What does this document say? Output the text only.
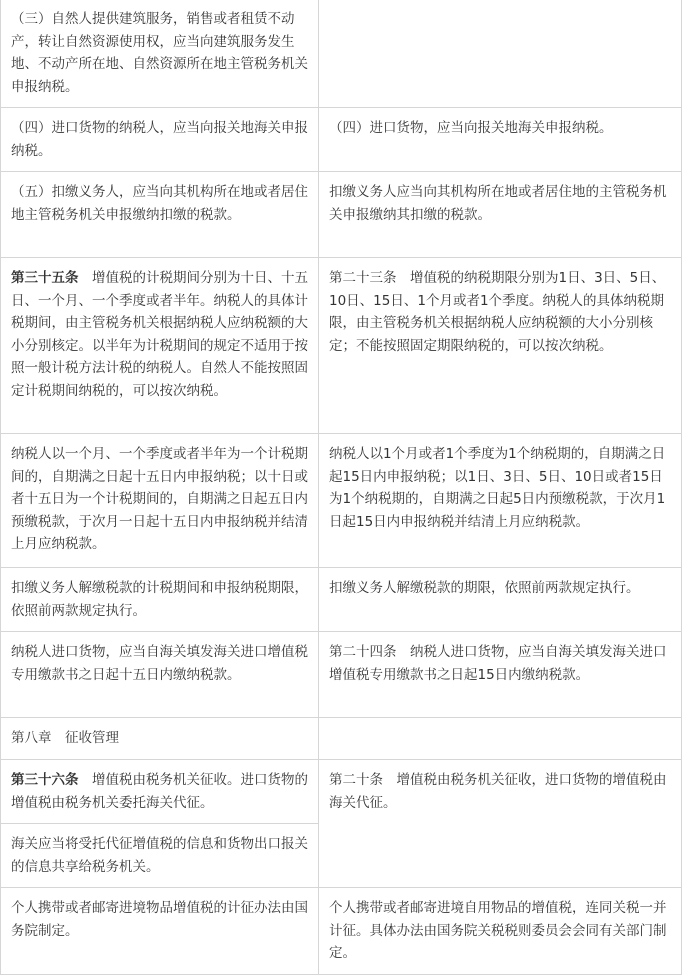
（三）自然人提供建筑服务，销售或者租赁不动产，转让自然资源使用权，应当向建筑服务发生地、不动产所在地、自然资源所在地主管税务机关申报纳税。	
（四）进口货物的纳税人，应当向报关地海关申报纳税。	（四）进口货物，应当向报关地海关申报纳税。
（五）扣缴义务人，应当向其机构所在地或者居住地主管税务机关申报缴纳扣缴的税款。	扣缴义务人应当向其机构所在地或者居住地的主管税务机关申报缴纳其扣缴的税款。
第三十五条　增值税的计税期间分别为十日、十五日、一个月、一个季度或者半年。纳税人的具体计税期间，由主管税务机关根据纳税人应纳税额的大小分别核定。以半年为计税期间的规定不适用于按照一般计税方法计税的纳税人。自然人不能按照固定计税期间纳税的，可以按次纳税。	第二十三条　增值税的纳税期限分别为1日、3日、5日、10日、15日、1个月或者1个季度。纳税人的具体纳税期限，由主管税务机关根据纳税人应纳税额的大小分别核定；不能按照固定期限纳税的，可以按次纳税。
纳税人以一个月、一个季度或者半年为一个计税期间的，自期满之日起十五日内申报纳税；以十日或者十五日为一个计税期间的，自期满之日起五日内预缴税款，于次月一日起十五日内申报纳税并结清上月应纳税款。	纳税人以1个月或者1个季度为1个纳税期的，自期满之日起15日内申报纳税；以1日、3日、5日、10日或者15日为1个纳税期的，自期满之日起5日内预缴税款，于次月1日起15日内申报纳税并结清上月应纳税款。
扣缴义务人解缴税款的计税期间和申报纳税期限，依照前两款规定执行。	扣缴义务人解缴税款的期限，依照前两款规定执行。
纳税人进口货物，应当自海关填发海关进口增值税专用缴款书之日起十五日内缴纳税款。	第二十四条　纳税人进口货物，应当自海关填发海关进口增值税专用缴款书之日起15日内缴纳税款。
第八章　征收管理	
第三十六条　增值税由税务机关征收。进口货物的增值税由税务机关委托海关代征。	第二十条　增值税由税务机关征收，进口货物的增值税由海关代征。
海关应当将受托代征增值税的信息和货物出口报关的信息共享给税务机关。	
个人携带或者邮寄进境物品增值税的计征办法由国务院制定。	个人携带或者邮寄进境自用物品的增值税，连同关税一并计征。具体办法由国务院关税税则委员会会同有关部门制定。
